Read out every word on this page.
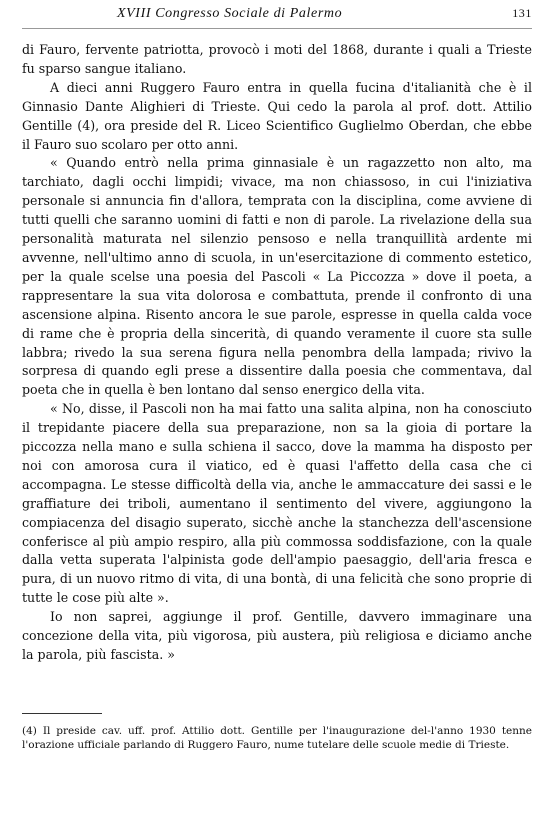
XVIII Congresso Sociale di Palermo	131

di Fauro, fervente patriotta, provocò i moti del 1868, durante i quali a Trieste fu sparso sangue italiano.

A dieci anni Ruggero Fauro entra in quella fucina d'italianità che è il Ginnasio Dante Alighieri di Trieste. Qui cedo la parola al prof. dott. Attilio Gentille (4), ora preside del R. Liceo Scientifico Guglielmo Oberdan, che ebbe il Fauro suo scolaro per otto anni.

« Quando entrò nella prima ginnasiale è un ragazzetto non alto, ma tarchiato, dagli occhi limpidi; vivace, ma non chiassoso, in cui l'iniziativa personale si annuncia fin d'allora, temprata con la disciplina, come avviene di tutti quelli che saranno uomini di fatti e non di parole. La rivelazione della sua personalità maturata nel silenzio pensoso e nella tranquillità ardente mi avvenne, nell'ultimo anno di scuola, in un'esercitazione di commento estetico, per la quale scelse una poesia del Pascoli « La Piccozza » dove il poeta, a rappresentare la sua vita dolorosa e combattuta, prende il confronto di una ascensione alpina. Risento ancora le sue parole, espresse in quella calda voce di rame che è propria della sincerità, di quando veramente il cuore sta sulle labbra; rivedo la sua serena figura nella penombra della lampada; rivivo la sorpresa di quando egli prese a dissentire dalla poesia che commentava, dal poeta che in quella è ben lontano dal senso energico della vita.

« No, disse, il Pascoli non ha mai fatto una salita alpina, non ha conosciuto il trepidante piacere della sua preparazione, non sa la gioia di portare la piccozza nella mano e sulla schiena il sacco, dove la mamma ha disposto per noi con amorosa cura il viatico, ed è quasi l'affetto della casa che ci accompagna. Le stesse difficoltà della via, anche le ammaccature dei sassi e le graffiature dei triboli, aumentano il sentimento del vivere, aggiungono la compiacenza del disagio superato, sicchè anche la stanchezza dell'ascensione conferisce al più ampio respiro, alla più commossa soddisfazione, con la quale dalla vetta superata l'alpinista gode dell'ampio paesaggio, dell'aria fresca e pura, di un nuovo ritmo di vita, di una bontà, di una felicità che sono proprie di tutte le cose più alte ».

Io non saprei, aggiunge il prof. Gentille, davvero immaginare una concezione della vita, più vigorosa, più austera, più religiosa e diciamo anche la parola, più fascista. »

(4) Il preside cav. uff. prof. Attilio dott. Gentille per l'inaugurazione del-l'anno 1930 tenne l'orazione ufficiale parlando di Ruggero Fauro, nume tutelare delle scuole medie di Trieste.
